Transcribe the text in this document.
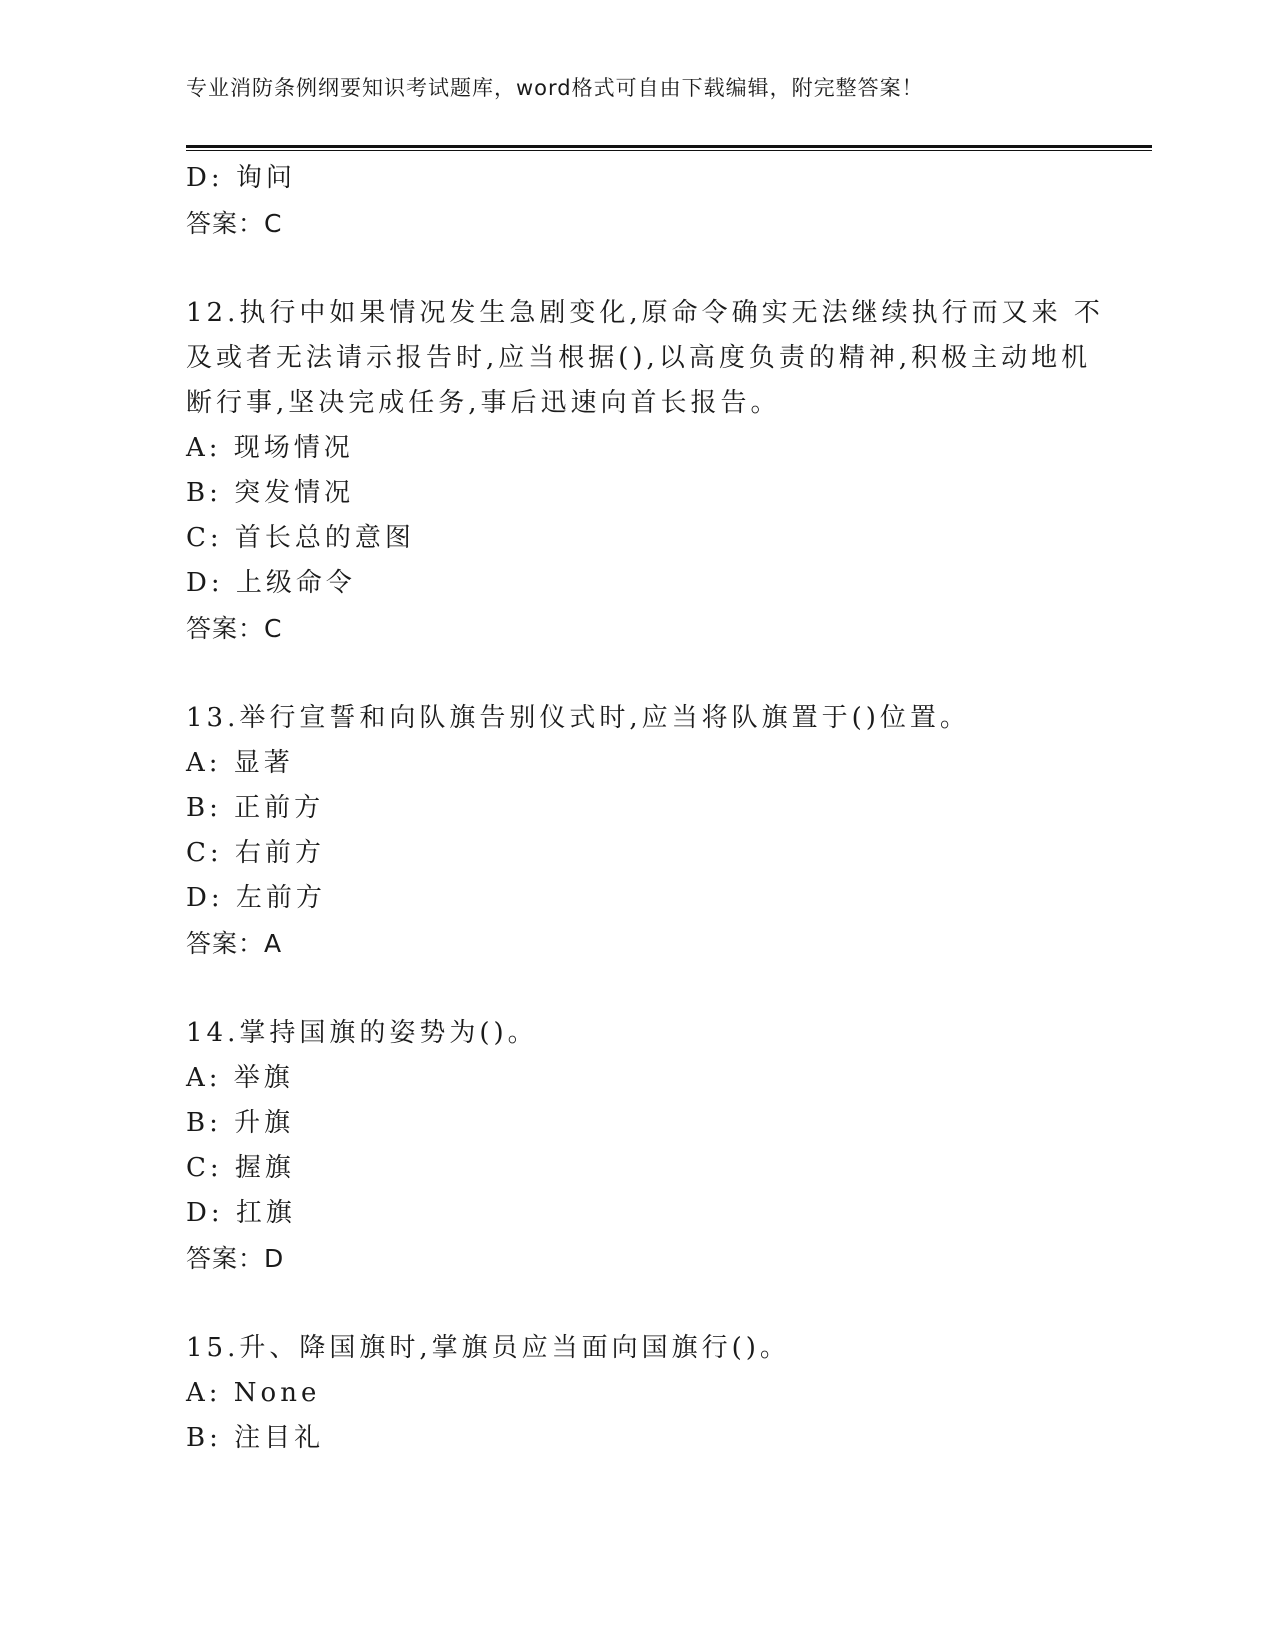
专业消防条例纲要知识考试题库，word格式可自由下载编辑，附完整答案！
D: 询问
答案：C
12.执行中如果情况发生急剧变化,原命令确实无法继续执行而又来 不
及或者无法请示报告时,应当根据(),以高度负责的精神,积极主动地机
断行事,坚决完成任务,事后迅速向首长报告。
A: 现场情况
B: 突发情况
C: 首长总的意图
D: 上级命令
答案：C
13.举行宣誓和向队旗告别仪式时,应当将队旗置于()位置。
A: 显著
B: 正前方
C: 右前方
D: 左前方
答案：A
14.掌持国旗的姿势为()。
A: 举旗
B: 升旗
C: 握旗
D: 扛旗
答案：D
15.升、降国旗时,掌旗员应当面向国旗行()。
A: None
B: 注目礼
